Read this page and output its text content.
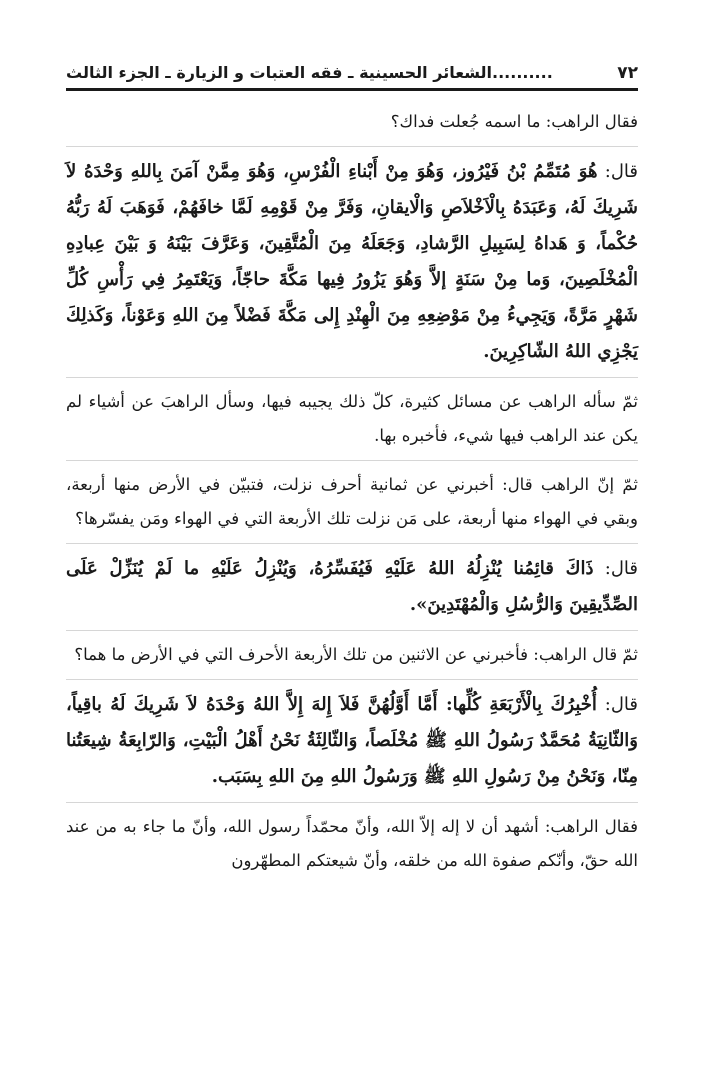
٧٢
..........الشعائر الحسينية ـ فقه العتبات و الزيارة ـ الجزء الثالث

فقال الراهب: ما اسمه جُعلت فداك؟

قال: هُوَ مُتَمِّمُ بْنُ فَيْرُوز، وَهُوَ مِنْ أَبْناءِ الْفُرْسِ، وَهُوَ مِمَّنْ آمَنَ بِاللهِ وَحْدَهُ لاَ شَرِيكَ لَهُ، وَعَبَدَهُ بِالْاَخْلاَصِ وَالْايقانِ، وَفَرَّ مِنْ قَوْمِهِ لَمَّا خافَهُمْ، فَوَهَبَ لَهُ رَبُّهُ حُكْماً، وَ هَداهُ لِسَبِيلِ الرَّشادِ، وَجَعَلَهُ مِنَ الْمُتَّقِينَ، وَعَرَّفَ بَيْنَهُ وَ بَيْنَ عِبادِهِ الْمُخْلَصِينَ، وَما مِنْ سَنَةٍ إلاَّ وَهُوَ يَزُورُ فِيها مَكَّةَ حاجّاً، وَيَعْتَمِرُ فِي رَأْسِ كُلِّ شَهْرٍ مَرَّةً، وَيَجِيءُ مِنْ مَوْضِعِهِ مِنَ الْهِنْدِ إِلى مَكَّةَ فَضْلاً مِنَ اللهِ وَعَوْناً، وَكَذلِكَ يَجْزِي اللهُ الشّاكِرِينَ.

ثمّ سأله الراهب عن مسائل كثيرة، كلّ ذلك يجيبه فيها، وسأل الراهبَ عن أشياء لم يكن عند الراهب فيها شيء، فأخبره بها.

ثمّ إنّ الراهب قال: أخبرني عن ثمانية أحرف نزلت، فتبيّن في الأرض منها أربعة، وبقي في الهواء منها أربعة، على مَن نزلت تلك الأربعة التي في الهواء ومَن يفسّرها؟

قال: ذَاكَ قائِمُنا يُنْزِلُهُ اللهُ عَلَيْهِ فَيُفَسِّرُهُ، وَيُنْزِلُ عَلَيْهِ ما لَمْ يُنَزِّلْ عَلَى الصِّدِّيقِينَ وَالرُّسُلِ وَالْمُهْتَدِينَ».

ثمّ قال الراهب: فأخبرني عن الاثنين من تلك الأربعة الأحرف التي في الأرض ما هما؟

قال: أُخْبِرُكَ بِالْأَرْبَعَةِ كُلِّها: أَمَّا أَوَّلُهُنَّ فَلاَ إِلهَ إِلاَّ اللهُ وَحْدَهُ لاَ شَرِيكَ لَهُ باقِياً، وَالثّانِيَةُ مُحَمَّدٌ رَسُولُ اللهِ ﷺ مُخْلَصاً، وَالثّالِثَةُ نَحْنُ أَهْلُ الْبَيْتِ، وَالرّابِعَةُ شِيعَتُنا مِنّا، وَنَحْنُ مِنْ رَسُولِ اللهِ ﷺ وَرَسُولُ اللهِ مِنَ اللهِ بِسَبَب.

فقال الراهب: أشهد أن لا إله إلاّ الله، وأنّ محمّداً رسول الله، وأنّ ما جاء به من عند الله حقّ، وأنّكم صفوة الله من خلقه، وأنّ شيعتكم المطهّرون
